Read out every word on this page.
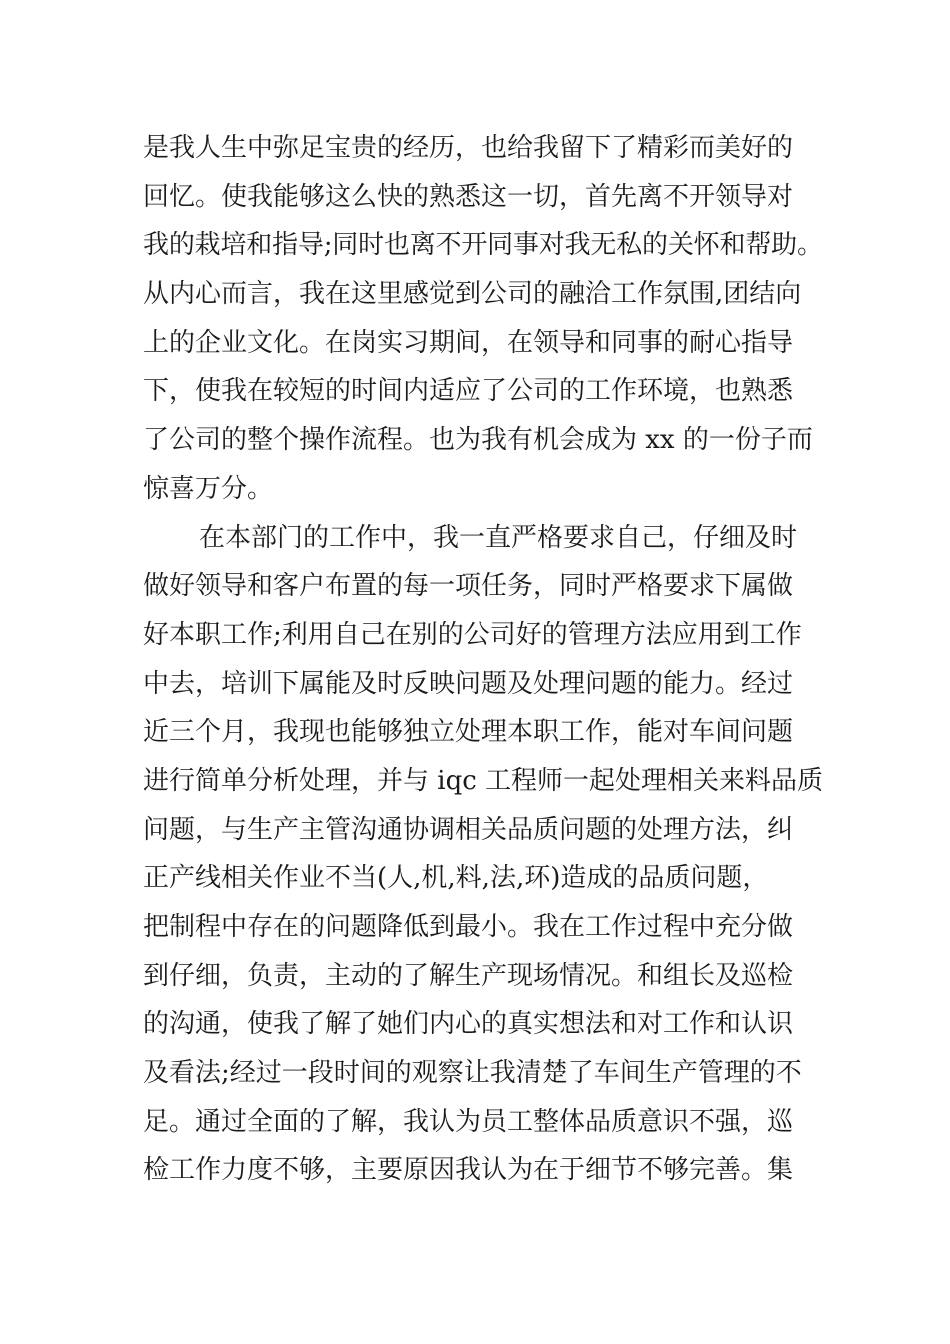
是我人生中弥足宝贵的经历，也给我留下了精彩而美好的
回忆。使我能够这么快的熟悉这一切，首先离不开领导对
我的栽培和指导;同时也离不开同事对我无私的关怀和帮助。
从内心而言，我在这里感觉到公司的融洽工作氛围,团结向
上的企业文化。在岗实习期间，在领导和同事的耐心指导
下，使我在较短的时间内适应了公司的工作环境，也熟悉
了公司的整个操作流程。也为我有机会成为 xx 的一份子而
惊喜万分。
在本部门的工作中，我一直严格要求自己，仔细及时
做好领导和客户布置的每一项任务，同时严格要求下属做
好本职工作;利用自己在别的公司好的管理方法应用到工作
中去，培训下属能及时反映问题及处理问题的能力。经过
近三个月，我现也能够独立处理本职工作，能对车间问题
进行简单分析处理，并与 iqc 工程师一起处理相关来料品质
问题，与生产主管沟通协调相关品质问题的处理方法，纠
正产线相关作业不当(人,机,料,法,环)造成的品质问题，
把制程中存在的问题降低到最小。我在工作过程中充分做
到仔细，负责，主动的了解生产现场情况。和组长及巡检
的沟通，使我了解了她们内心的真实想法和对工作和认识
及看法;经过一段时间的观察让我清楚了车间生产管理的不
足。通过全面的了解，我认为员工整体品质意识不强，巡
检工作力度不够，主要原因我认为在于细节不够完善。集
